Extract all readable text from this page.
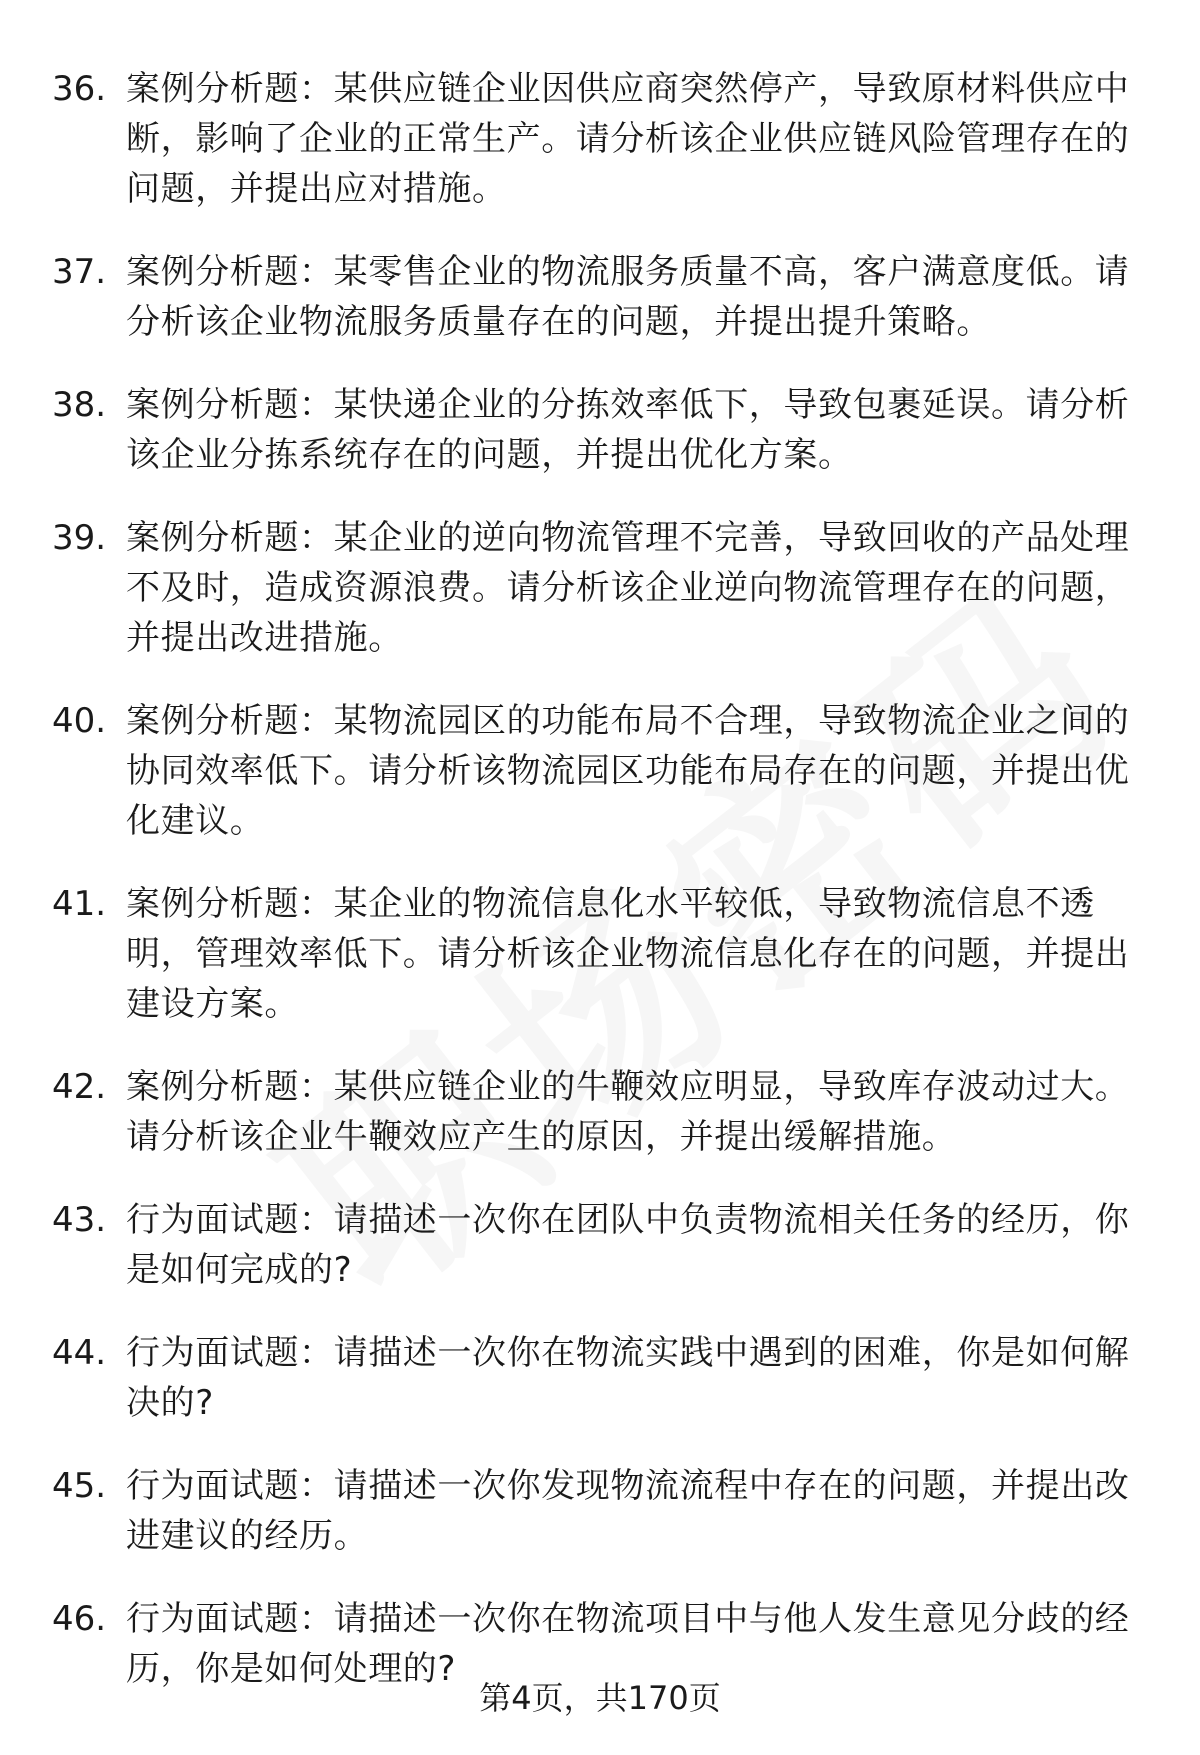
36. 案例分析题：某供应链企业因供应商突然停产，导致原材料供应中断，影响了企业的正常生产。请分析该企业供应链风险管理存在的问题，并提出应对措施。
37. 案例分析题：某零售企业的物流服务质量不高，客户满意度低。请分析该企业物流服务质量存在的问题，并提出提升策略。
38. 案例分析题：某快递企业的分拣效率低下，导致包裹延误。请分析该企业分拣系统存在的问题，并提出优化方案。
39. 案例分析题：某企业的逆向物流管理不完善，导致回收的产品处理不及时，造成资源浪费。请分析该企业逆向物流管理存在的问题，并提出改进措施。
40. 案例分析题：某物流园区的功能布局不合理，导致物流企业之间的协同效率低下。请分析该物流园区功能布局存在的问题，并提出优化建议。
41. 案例分析题：某企业的物流信息化水平较低，导致物流信息不透明，管理效率低下。请分析该企业物流信息化存在的问题，并提出建设方案。
42. 案例分析题：某供应链企业的牛鞭效应明显，导致库存波动过大。请分析该企业牛鞭效应产生的原因，并提出缓解措施。
43. 行为面试题：请描述一次你在团队中负责物流相关任务的经历，你是如何完成的?
44. 行为面试题：请描述一次你在物流实践中遇到的困难，你是如何解决的?
45. 行为面试题：请描述一次你发现物流流程中存在的问题，并提出改进建议的经历。
46. 行为面试题：请描述一次你在物流项目中与他人发生意见分歧的经历，你是如何处理的?
第4页，共170页
